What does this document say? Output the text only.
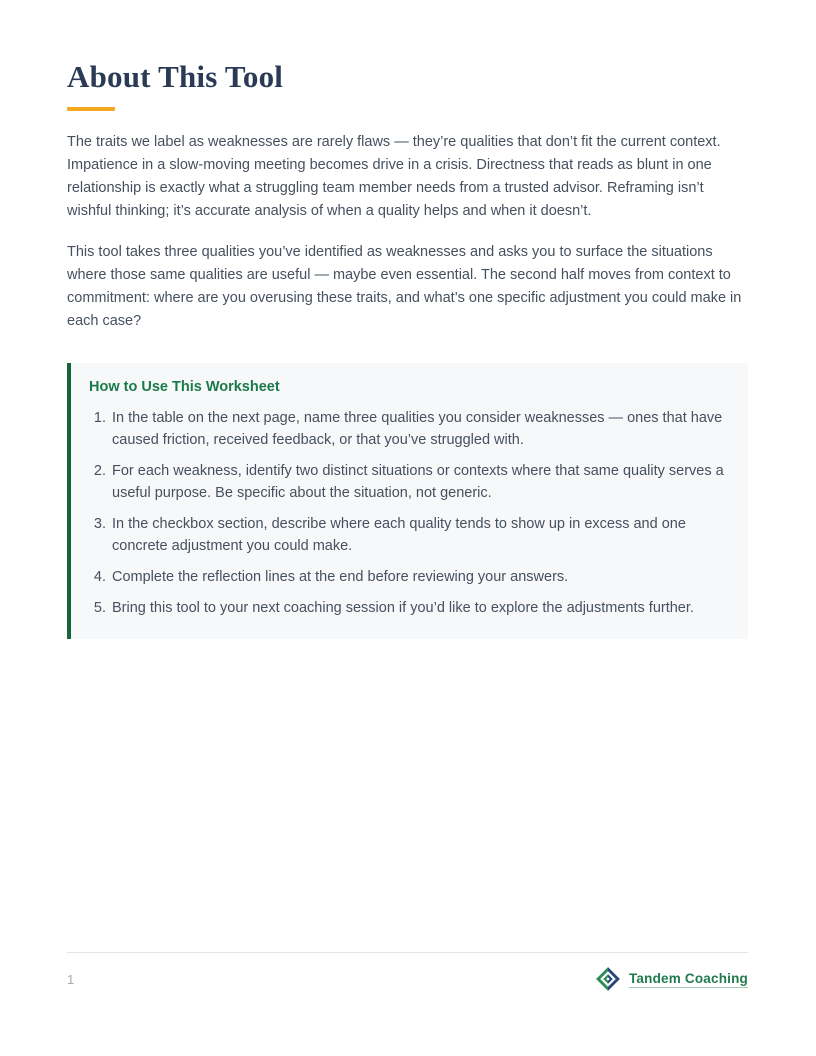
About This Tool

The traits we label as weaknesses are rarely flaws — they’re qualities that don’t fit the current context. Impatience in a slow-moving meeting becomes drive in a crisis. Directness that reads as blunt in one relationship is exactly what a struggling team member needs from a trusted advisor. Reframing isn’t wishful thinking; it’s accurate analysis of when a quality helps and when it doesn’t.

This tool takes three qualities you’ve identified as weaknesses and asks you to surface the situations where those same qualities are useful — maybe even essential. The second half moves from context to commitment: where are you overusing these traits, and what’s one specific adjustment you could make in each case?

How to Use This Worksheet
1. In the table on the next page, name three qualities you consider weaknesses — ones that have caused friction, received feedback, or that you’ve struggled with.
2. For each weakness, identify two distinct situations or contexts where that same quality serves a useful purpose. Be specific about the situation, not generic.
3. In the checkbox section, describe where each quality tends to show up in excess and one concrete adjustment you could make.
4. Complete the reflection lines at the end before reviewing your answers.
5. Bring this tool to your next coaching session if you’d like to explore the adjustments further.
1	Tandem Coaching
